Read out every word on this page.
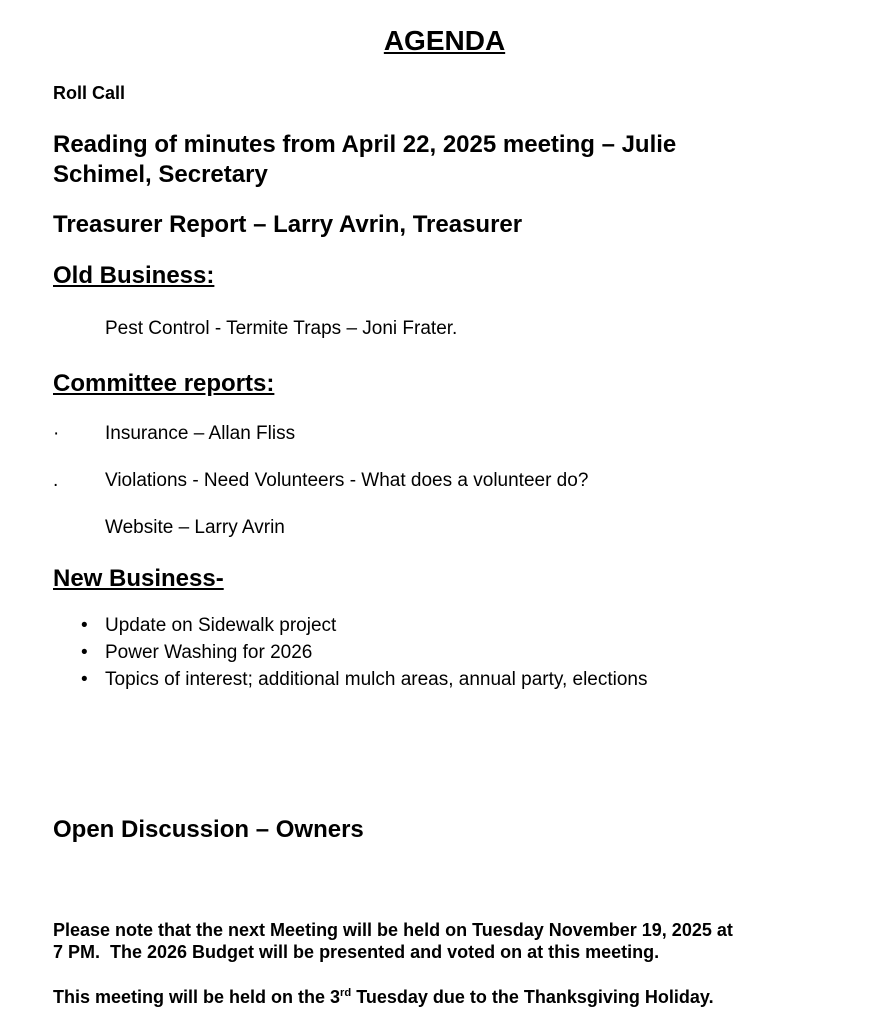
AGENDA

Roll Call

Reading of minutes from April 22, 2025 meeting – Julie
Schimel, Secretary

Treasurer Report – Larry Avrin, Treasurer

Old Business:

Pest Control - Termite Traps – Joni Frater.

Committee reports:

·	Insurance – Allan Fliss
.	Violations - Need Volunteers - What does a volunteer do?
Website – Larry Avrin

New Business-

• Update on Sidewalk project
• Power Washing for 2026
• Topics of interest; additional mulch areas, annual party, elections

Open Discussion – Owners

Please note that the next Meeting will be held on Tuesday November 19, 2025 at
7 PM.  The 2026 Budget will be presented and voted on at this meeting.

This meeting will be held on the 3rd Tuesday due to the Thanksgiving Holiday.
